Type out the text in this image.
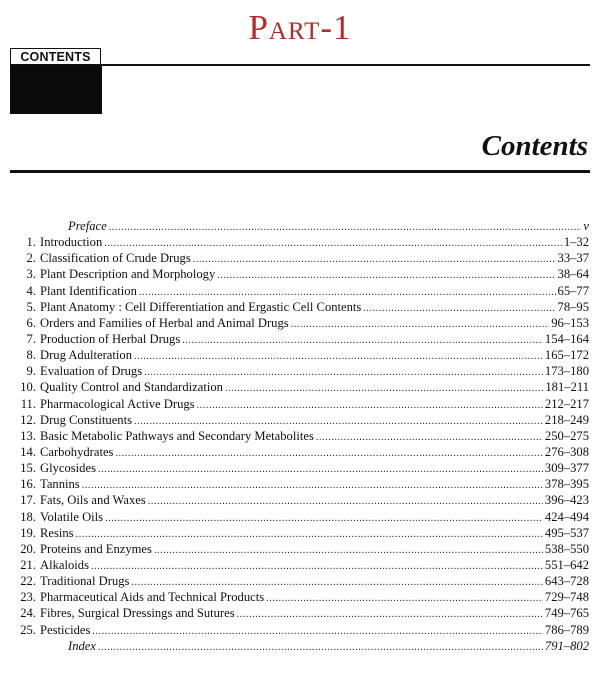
Part-1
CONTENTS
Contents
Preface .....	v
1. Introduction .....	1–32
2. Classification of Crude Drugs .....	33–37
3. Plant Description and Morphology .....	38–64
4. Plant Identification .....	65–77
5. Plant Anatomy : Cell Differentiation and Ergastic Cell Contents .....	78–95
6. Orders and Families of Herbal and Animal Drugs .....	96–153
7. Production of Herbal Drugs .....	154–164
8. Drug Adulteration .....	165–172
9. Evaluation of Drugs .....	173–180
10. Quality Control and Standardization .....	181–211
11. Pharmacological Active Drugs .....	212–217
12. Drug Constituents .....	218–249
13. Basic Metabolic Pathways and Secondary Metabolites .....	250–275
14. Carbohydrates .....	276–308
15. Glycosides .....	309–377
16. Tannins .....	378–395
17. Fats, Oils and Waxes .....	396–423
18. Volatile Oils .....	424–494
19. Resins .....	495–537
20. Proteins and Enzymes .....	538–550
21. Alkaloids .....	551–642
22. Traditional Drugs .....	643–728
23. Pharmaceutical Aids and Technical Products .....	729–748
24. Fibres, Surgical Dressings and Sutures .....	749–765
25. Pesticides .....	786–789
Index .....	791–802
